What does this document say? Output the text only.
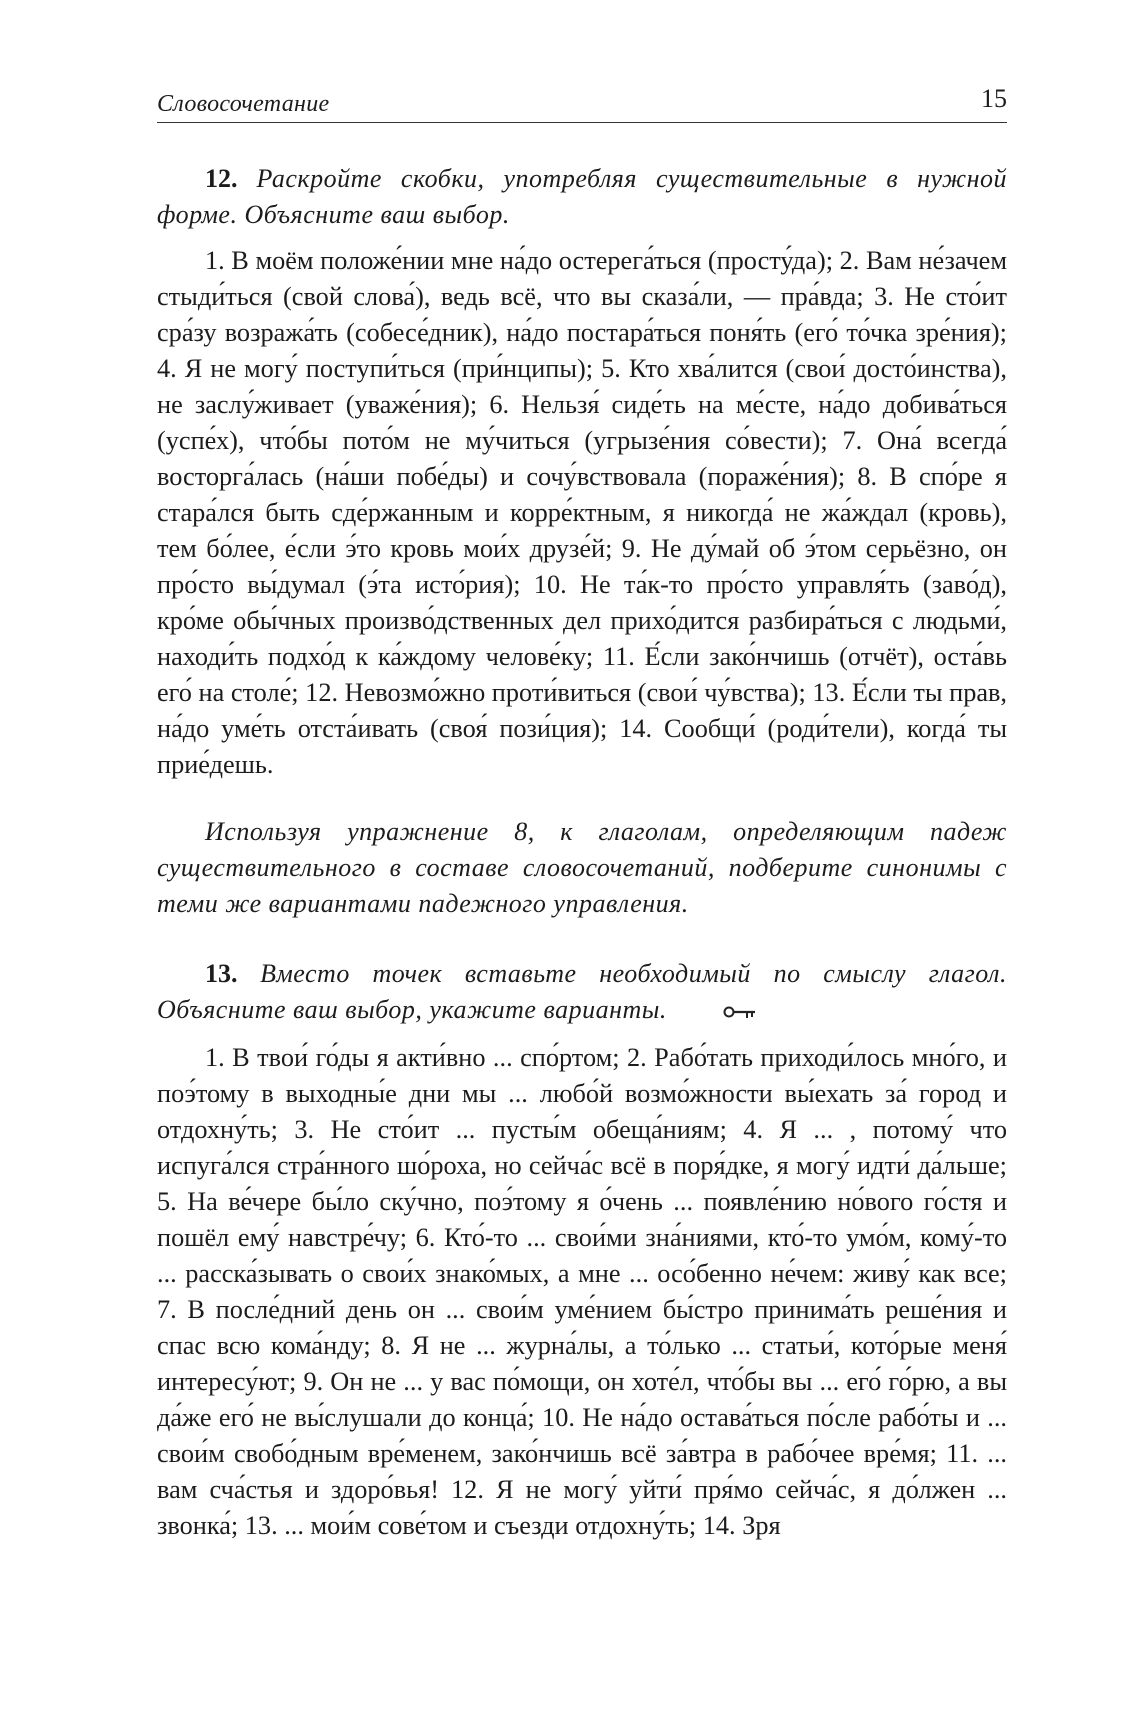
Словосочетание	15

12. Раскройте скобки, употребляя существительные в нужной форме. Объясните ваш выбор.

1. В моём положе́нии мне на́до остерега́ться (просту́да); 2. Вам не́зачем стыди́ться (свой слова́), ведь всё, что вы сказа́ли, — пра́вда; 3. Не сто́ит сра́зу возража́ть (собесе́дник), на́до постара́ться поня́ть (его́ то́чка зре́ния); 4. Я не могу́ поступи́ться (при́нципы); 5. Кто хва́лится (свои́ досто́инства), не заслу́живает (уваже́ния); 6. Нельзя́ сиде́ть на ме́сте, на́до добива́ться (успе́х), что́бы пото́м не му́читься (угрызе́ния со́вести); 7. Она́ всегда́ восторга́лась (на́ши побе́ды) и сочу́вствовала (пораже́ния); 8. В спо́ре я стара́лся быть сде́ржанным и корре́ктным, я никогда́ не жа́ждал (кровь), тем бо́лее, е́сли э́то кровь мои́х друзе́й; 9. Не ду́май об э́том серьёзно, он про́сто вы́думал (э́та исто́рия); 10. Не та́к-то про́сто управля́ть (заво́д), кро́ме обы́чных произво́дственных дел прихо́дится разбира́ться с людьми́, находи́ть подхо́д к ка́ждому челове́ку; 11. Е́сли зако́нчишь (отчёт), оста́вь его́ на столе́; 12. Невозмо́жно проти́виться (свои́ чу́вства); 13. Е́сли ты прав, на́до уме́ть отста́ивать (своя́ пози́ция); 14. Сообщи́ (роди́тели), когда́ ты прие́дешь.

Используя упражнение 8, к глаголам, определяющим падеж существительного в составе словосочетаний, подберите синонимы с теми же вариантами падежного управления.

13. Вместо точек вставьте необходимый по смыслу глагол. Объясните ваш выбор, укажите варианты.

1. В твои́ го́ды я акти́вно ... спо́ртом; 2. Рабо́тать приходи́лось мно́го, и поэ́тому в выходны́е дни мы ... любо́й возмо́жности вы́ехать за́ город и отдохну́ть; 3. Не сто́ит ... пусты́м обеща́ниям; 4. Я ... , потому́ что испуга́лся стра́нного шо́роха, но сейча́с всё в поря́дке, я могу́ идти́ да́льше; 5. На ве́чере бы́ло ску́чно, поэ́тому я о́чень ... появле́нию но́вого го́стя и пошёл ему́ навстре́чу; 6. Кто́-то ... свои́ми зна́ниями, кто́-то умо́м, кому́-то ... расска́зывать о свои́х знако́мых, а мне ... осо́бенно не́чем: живу́ как все; 7. В после́дний день он ... свои́м уме́нием бы́стро принима́ть реше́ния и спас всю кома́нду; 8. Я не ... журна́лы, а то́лько ... статьи́, кото́рые меня́ интересу́ют; 9. Он не ... у вас по́мощи, он хоте́л, что́бы вы ... его́ го́рю, а вы да́же его́ не вы́слушали до конца́; 10. Не на́до остава́ться по́сле рабо́ты и ... свои́м свобо́дным вре́менем, зако́нчишь всё за́втра в рабо́чее вре́мя; 11. ... вам сча́стья и здоро́вья! 12. Я не могу́ уйти́ пря́мо сейча́с, я до́лжен ... звонка́; 13. ... мои́м сове́том и съезди отдохну́ть; 14. Зря
